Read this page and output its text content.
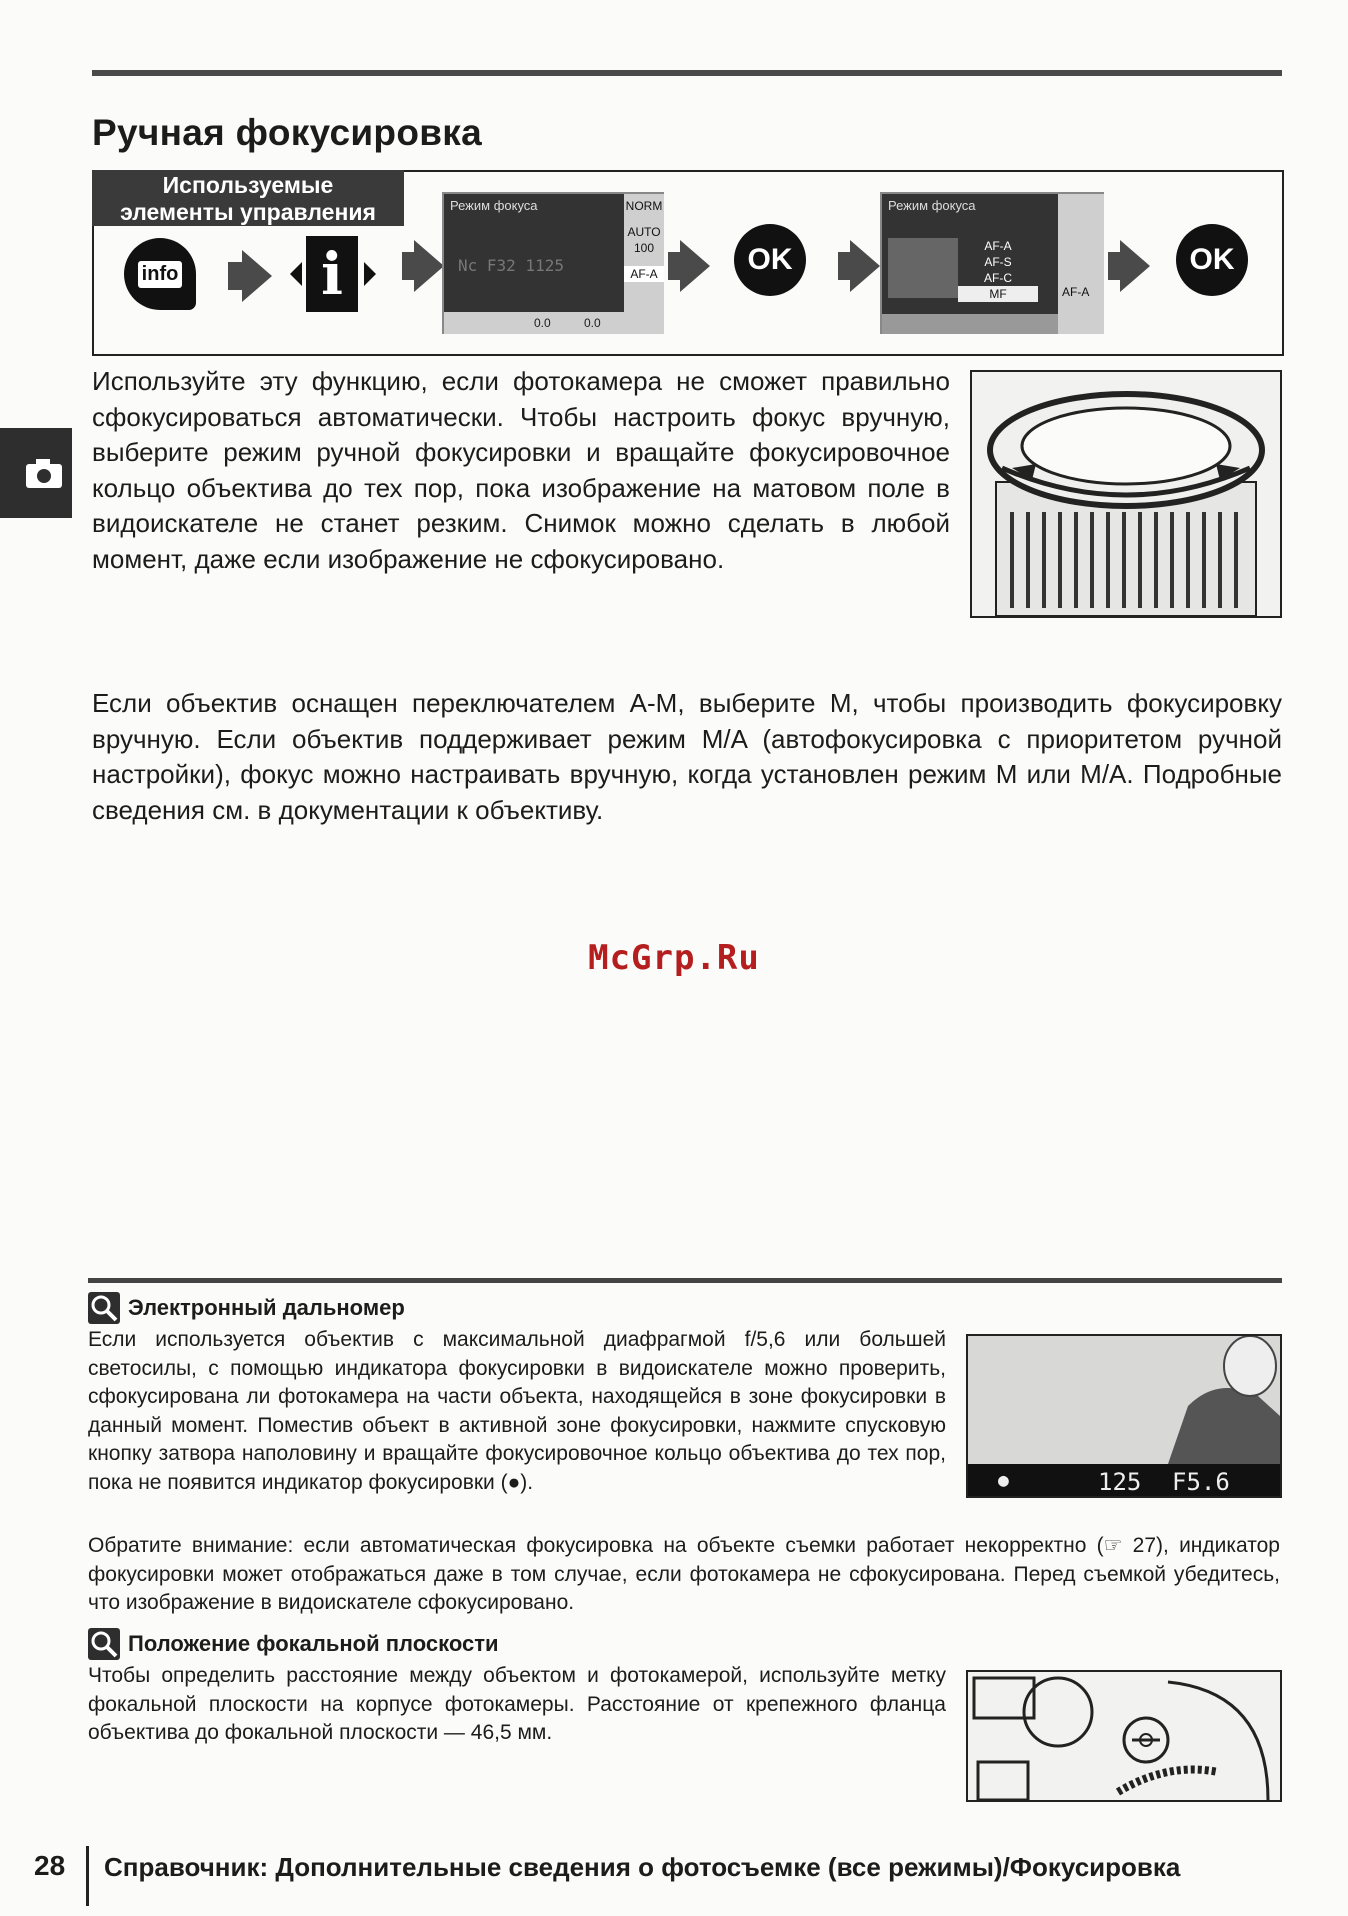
Ручная фокусировка
Используемые
элементы управления
info i
Режим фокуса
Nc F32 1125
NORM
AUTO
100
AF-A
0.0	0.0
OK
Режим фокуса
AF-A
AF-S
AF-C
MF	AF-A
OK
Используйте эту функцию, если фотокамера не сможет правильно сфокусироваться автоматически. Чтобы настроить фокус вручную, выберите режим ручной фокусировки и вращайте фокусировочное кольцо объектива до тех пор, пока изображение на матовом поле в видоискателе не станет резким. Снимок можно сделать в любой момент, даже если изображение не сфокусировано.
Если объектив оснащен переключателем A-M, выберите M, чтобы производить фокусировку вручную. Если объектив поддерживает режим M/A (автофокусировка с приоритетом ручной настройки), фокус можно настраивать вручную, когда установлен режим M или M/A. Подробные сведения см. в документации к объективу.
McGrp.Ru
Электронный дальномер
Если используется объектив с максимальной диафрагмой f/5,6 или большей светосилы, с помощью индикатора фокусировки в видоискателе можно проверить, сфокусирована ли фотокамера на части объекта, находящейся в зоне фокусировки в данный момент. Поместив объект в активной зоне фокусировки, нажмите спусковую кнопку затвора наполовину и вращайте фокусировочное кольцо объектива до тех пор, пока не появится индикатор фокусировки (●).
Обратите внимание: если автоматическая фокусировка на объекте съемки работает некорректно (☞ 27), индикатор фокусировки может отображаться даже в том случае, если фотокамера не сфокусирована. Перед съемкой убедитесь, что изображение в видоискателе сфокусировано.
●	125 F5.6
Положение фокальной плоскости
Чтобы определить расстояние между объектом и фотокамерой, используйте метку фокальной плоскости на корпусе фотокамеры. Расстояние от крепежного фланца объектива до фокальной плоскости — 46,5 мм.
28 Справочник: Дополнительные сведения о фотосъемке (все режимы)/Фокусировка
